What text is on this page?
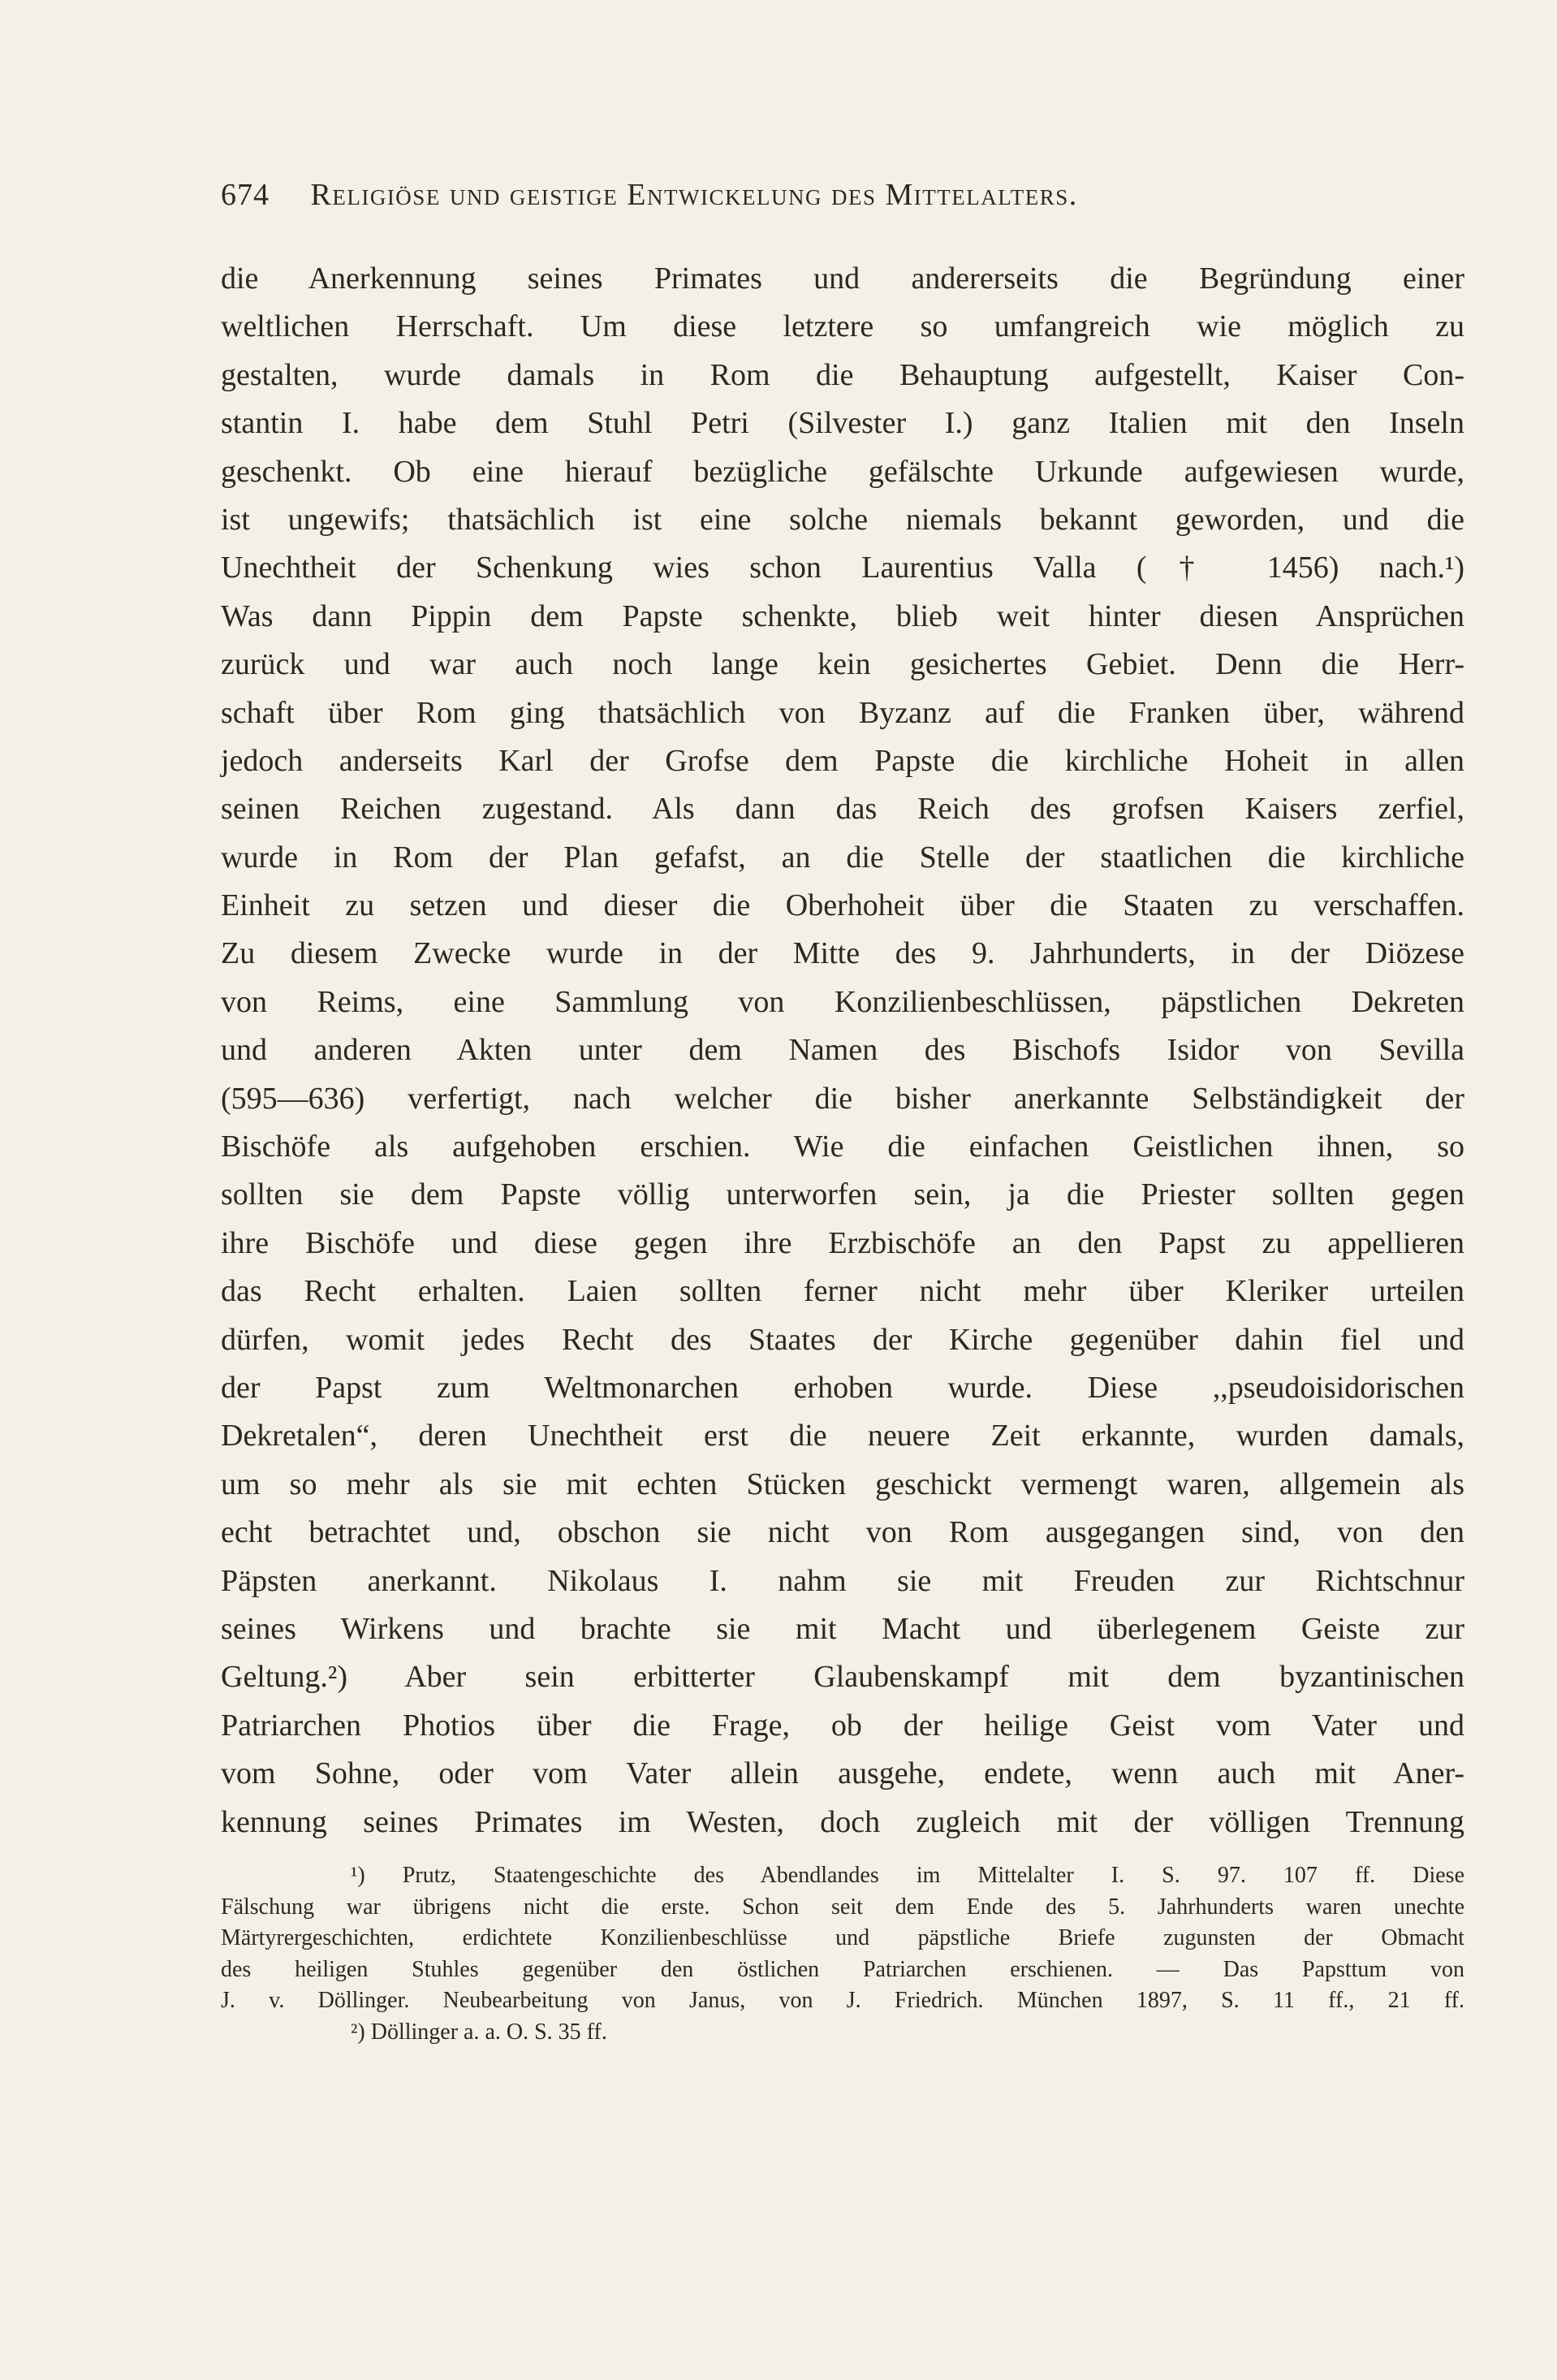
674 Religiöse und geistige Entwickelung des Mittelalters.
die Anerkennung seines Primates und andererseits die Begründung einer
weltlichen Herrschaft. Um diese letztere so umfangreich wie möglich zu
gestalten, wurde damals in Rom die Behauptung aufgestellt, Kaiser Con-
stantin I. habe dem Stuhl Petri (Silvester I.) ganz Italien mit den Inseln
geschenkt. Ob eine hierauf bezügliche gefälschte Urkunde aufgewiesen wurde,
ist ungewifs; thatsächlich ist eine solche niemals bekannt geworden, und die
Unechtheit der Schenkung wies schon Laurentius Valla († 1456) nach.¹)
Was dann Pippin dem Papste schenkte, blieb weit hinter diesen Ansprüchen
zurück und war auch noch lange kein gesichertes Gebiet. Denn die Herr-
schaft über Rom ging thatsächlich von Byzanz auf die Franken über, während
jedoch anderseits Karl der Grofse dem Papste die kirchliche Hoheit in allen
seinen Reichen zugestand. Als dann das Reich des grofsen Kaisers zerfiel,
wurde in Rom der Plan gefafst, an die Stelle der staatlichen die kirchliche
Einheit zu setzen und dieser die Oberhoheit über die Staaten zu verschaffen.
Zu diesem Zwecke wurde in der Mitte des 9. Jahrhunderts, in der Diözese
von Reims, eine Sammlung von Konzilienbeschlüssen, päpstlichen Dekreten
und anderen Akten unter dem Namen des Bischofs Isidor von Sevilla
(595—636) verfertigt, nach welcher die bisher anerkannte Selbständigkeit der
Bischöfe als aufgehoben erschien. Wie die einfachen Geistlichen ihnen, so
sollten sie dem Papste völlig unterworfen sein, ja die Priester sollten gegen
ihre Bischöfe und diese gegen ihre Erzbischöfe an den Papst zu appellieren
das Recht erhalten. Laien sollten ferner nicht mehr über Kleriker urteilen
dürfen, womit jedes Recht des Staates der Kirche gegenüber dahin fiel und
der Papst zum Weltmonarchen erhoben wurde. Diese ,,pseudoisidorischen
Dekretalen“, deren Unechtheit erst die neuere Zeit erkannte, wurden damals,
um so mehr als sie mit echten Stücken geschickt vermengt waren, allgemein als
echt betrachtet und, obschon sie nicht von Rom ausgegangen sind, von den
Päpsten anerkannt. Nikolaus I. nahm sie mit Freuden zur Richtschnur
seines Wirkens und brachte sie mit Macht und überlegenem Geiste zur
Geltung.²) Aber sein erbitterter Glaubenskampf mit dem byzantinischen
Patriarchen Photios über die Frage, ob der heilige Geist vom Vater und
vom Sohne, oder vom Vater allein ausgehe, endete, wenn auch mit Aner-
kennung seines Primates im Westen, doch zugleich mit der völligen Trennung
¹) Prutz, Staatengeschichte des Abendlandes im Mittelalter I. S. 97. 107 ff. Diese
Fälschung war übrigens nicht die erste. Schon seit dem Ende des 5. Jahrhunderts waren unechte
Märtyrergeschichten, erdichtete Konzilienbeschlüsse und päpstliche Briefe zugunsten der Obmacht
des heiligen Stuhles gegenüber den östlichen Patriarchen erschienen. — Das Papsttum von
J. v. Döllinger. Neubearbeitung von Janus, von J. Friedrich. München 1897, S. 11 ff., 21 ff.
²) Döllinger a. a. O. S. 35 ff.
